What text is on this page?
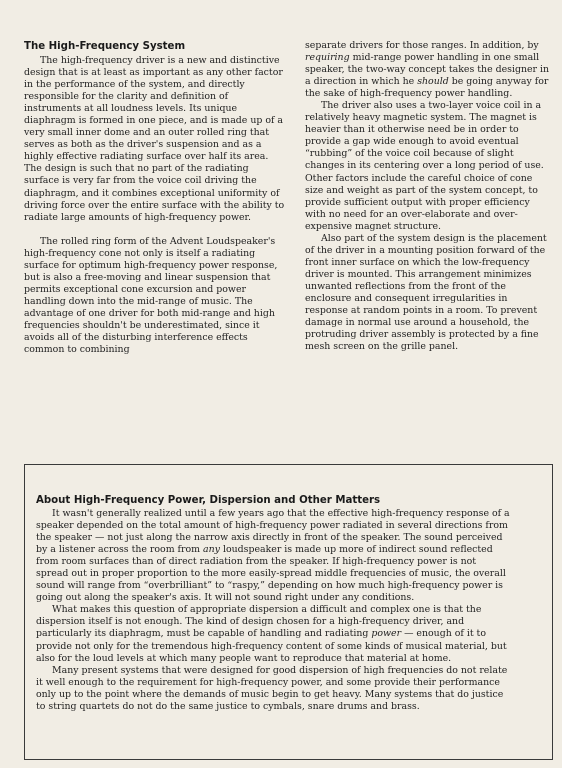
The High-Frequency System

The high-frequency driver is a new and distinctive design that is at least as important as any other factor in the performance of the system, and directly responsible for the clarity and definition of instruments at all loudness levels. Its unique diaphragm is formed in one piece, and is made up of a very small inner dome and an outer rolled ring that serves as both as the driver's suspension and as a highly effective radiating surface over half its area. The design is such that no part of the radiating surface is very far from the voice coil driving the diaphragm, and it combines exceptional uniformity of driving force over the entire surface with the ability to radiate large amounts of high-frequency power.

The rolled ring form of the Advent Loudspeaker's high-frequency cone not only is itself a radiating surface for optimum high-frequency power response, but is also a free-moving and linear suspension that permits exceptional cone excursion and power handling down into the mid-range of music. The advantage of one driver for both mid-range and high frequencies shouldn't be underestimated, since it avoids all of the disturbing interference effects common to combining

separate drivers for those ranges. In addition, by requiring mid-range power handling in one small speaker, the two-way concept takes the designer in a direction in which he should be going anyway for the sake of high-frequency power handling.

The driver also uses a two-layer voice coil in a relatively heavy magnetic system. The magnet is heavier than it otherwise need be in order to provide a gap wide enough to avoid eventual “rubbing” of the voice coil because of slight changes in its centering over a long period of use. Other factors include the careful choice of cone size and weight as part of the system concept, to provide sufficient output with proper efficiency with no need for an over-elaborate and over-expensive magnet structure.

Also part of the system design is the placement of the driver in a mounting position forward of the front inner surface on which the low-frequency driver is mounted. This arrangement minimizes unwanted reflections from the front of the enclosure and consequent irregularities in response at random points in a room. To prevent damage in normal use around a household, the protruding driver assembly is protected by a fine mesh screen on the grille panel.

About High-Frequency Power, Dispersion and Other Matters

It wasn't generally realized until a few years ago that the effective high-frequency response of a speaker depended on the total amount of high-frequency power radiated in several directions from the speaker — not just along the narrow axis directly in front of the speaker. The sound perceived by a listener across the room from any loudspeaker is made up more of indirect sound reflected from room surfaces than of direct radiation from the speaker. If high-frequency power is not spread out in proper proportion to the more easily-spread middle frequencies of music, the overall sound will range from “overbrilliant” to “raspy,” depending on how much high-frequency power is going out along the speaker's axis. It will not sound right under any conditions.

What makes this question of appropriate dispersion a difficult and complex one is that the dispersion itself is not enough. The kind of design chosen for a high-frequency driver, and particularly its diaphragm, must be capable of handling and radiating power — enough of it to provide not only for the tremendous high-frequency content of some kinds of musical material, but also for the loud levels at which many people want to reproduce that material at home.

Many present systems that were designed for good dispersion of high frequencies do not relate it well enough to the requirement for high-frequency power, and some provide their performance only up to the point where the demands of music begin to get heavy. Many systems that do justice to string quartets do not do the same justice to cymbals, snare drums and brass.
